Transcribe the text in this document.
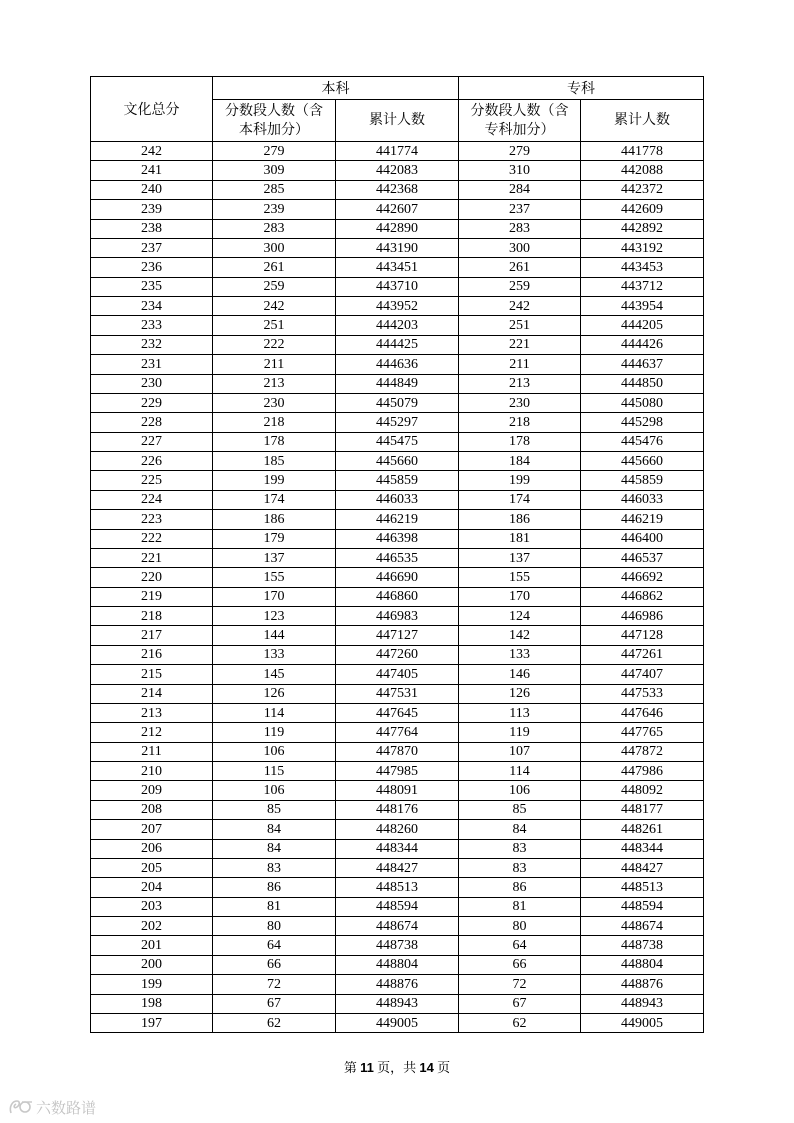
文化总分	本科		专科	
	分数段人数（含本科加分）	累计人数	分数段人数（含专科加分）	累计人数
242	279	441774	279	441778
241	309	442083	310	442088
240	285	442368	284	442372
239	239	442607	237	442609
238	283	442890	283	442892
237	300	443190	300	443192
236	261	443451	261	443453
235	259	443710	259	443712
234	242	443952	242	443954
233	251	444203	251	444205
232	222	444425	221	444426
231	211	444636	211	444637
230	213	444849	213	444850
229	230	445079	230	445080
228	218	445297	218	445298
227	178	445475	178	445476
226	185	445660	184	445660
225	199	445859	199	445859
224	174	446033	174	446033
223	186	446219	186	446219
222	179	446398	181	446400
221	137	446535	137	446537
220	155	446690	155	446692
219	170	446860	170	446862
218	123	446983	124	446986
217	144	447127	142	447128
216	133	447260	133	447261
215	145	447405	146	447407
214	126	447531	126	447533
213	114	447645	113	447646
212	119	447764	119	447765
211	106	447870	107	447872
210	115	447985	114	447986
209	106	448091	106	448092
208	85	448176	85	448177
207	84	448260	84	448261
206	84	448344	83	448344
205	83	448427	83	448427
204	86	448513	86	448513
203	81	448594	81	448594
202	80	448674	80	448674
201	64	448738	64	448738
200	66	448804	66	448804
199	72	448876	72	448876
198	67	448943	67	448943
197	62	449005	62	449005
第 11 页，共 14 页
六数路谱
